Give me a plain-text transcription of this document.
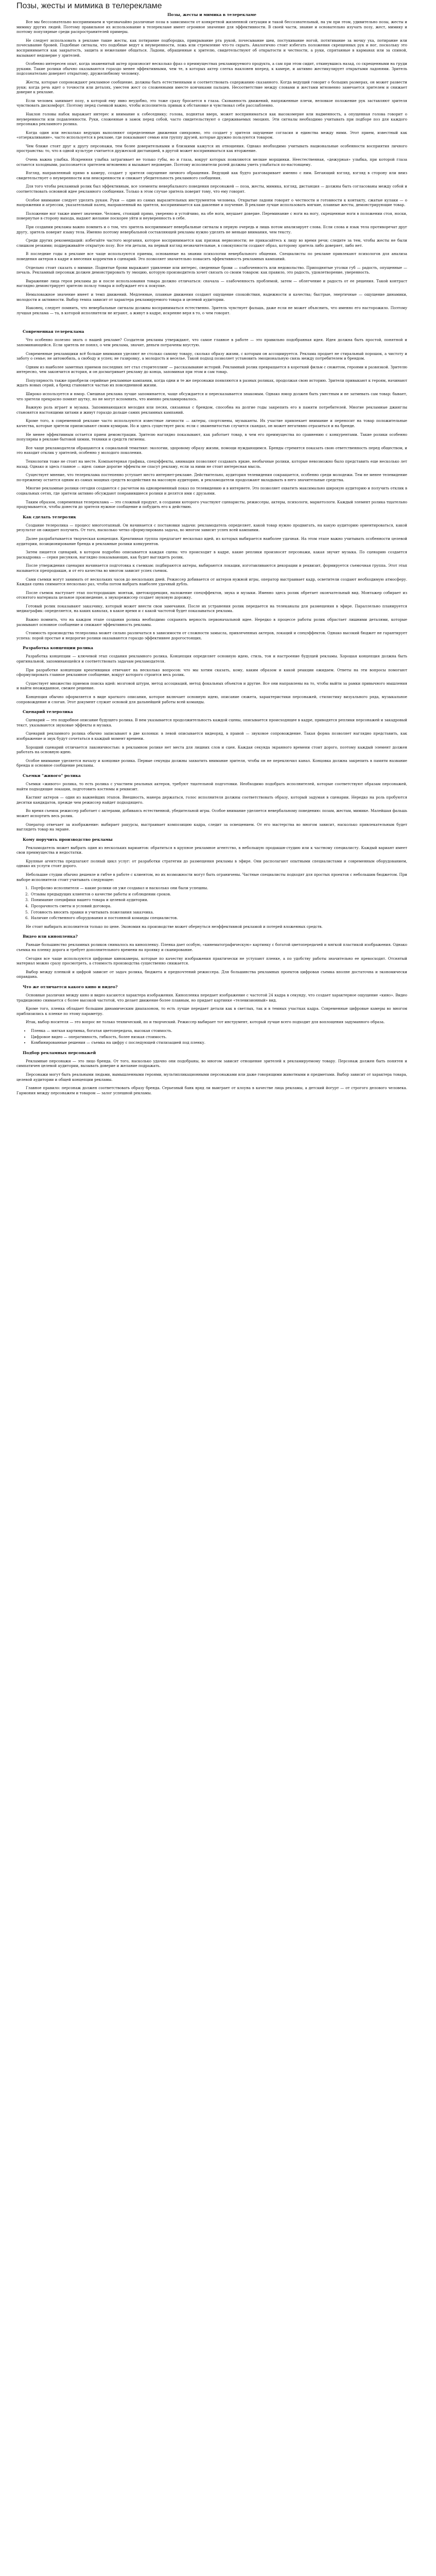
Позы, жесты и мимика в телерекламе
Позы, жесты и мимика в телерекламе

Все мы бессознательно воспринимаем и чрезвычайно различные позы в зависимости от конкретной жизненной ситуации и такой бессознательный, на ум при этом, удивительно позы, жесты и мимику других людей. Поэтому правильное их использование в телерекламе имеет огромное значение для эффективности. В своей части, знание и основательно изучать позу, жест, мимику и поэтому популярные среди распространителей примеры.

Не следует использовать в рекламе такие жесты, как потирание подбородка, прикрывание рта рукой, почесывание шеи, постукивание ногой, потягивание за мочку уха, потирание или почесывание бровей. Подобные сигналы, что подобные ведут к неуверенности, ложь или стремление что-то скрыть. Аналогично стоит избегать положения скрещенных рук и ног, поскольку это воспринимается как закрытость, защита и нежелание общаться. Ладони, обращенные к зрителю, свидетельствуют об открытости и честности, а руки, спрятанные в карманах или за спиной, вызывают недоверие у зрителей.

Особенно интересен опыт, когда знаменитый актер произносит несколько фраз о преимуществах рекламируемого продукта, а сам при этом сидит, откинувшись назад, со скрещенными на груди руками. Такие ролики обычно оказываются гораздо менее эффективными, чем те, в которых актер слегка наклонен вперед, к камере, и активно жестикулирует открытыми ладонями. Зритель подсознательно доверяет открытому, дружелюбному человеку.

Жесты, которые сопровождают рекламное сообщение, должны быть естественными и соответствовать содержанию сказанного. Когда ведущий говорит о больших размерах, он может развести руки; когда речь идет о точности или деталях, уместен жест со сложенными вместе кончиками пальцев. Несоответствие между словами и жестами мгновенно замечается зрителем и снижает доверие к рекламе.

Если человек занимает позу, в которой ему явно неудобно, это тоже сразу бросается в глаза. Скованность движений, напряженные плечи, неловкое положение рук заставляют зрителя чувствовать дискомфорт. Поэтому перед съемкой важно, чтобы исполнитель привык к обстановке и чувствовал себя расслабленно.

Наклон головы набок выражает интерес и внимание к собеседнику; голова, поднятая вверх, может восприниматься как высокомерие или надменность, а опущенная голова говорит о неуверенности или подавленности. Руки, сложенные в замок перед собой, часто свидетельствуют о сдерживаемых эмоциях. Эти сигналы необходимо учитывать при подборе поз для каждого персонажа рекламного ролика.

Когда один или несколько ведущих выполняют определенные движения синхронно, это создает у зрителя ощущение согласия и единства между ними. Этот прием, известный как «отзеркаливание», часто используется в рекламе, где показывают семью или группу друзей, которые дружно пользуются товаром.

Чем ближе стоят друг к другу персонажи, тем более доверительными и близкими кажутся их отношения. Однако необходимо учитывать национальные особенности восприятия личного пространства: то, что в одной культуре считается дружеской дистанцией, в другой может восприниматься как вторжение.

Очень важна улыбка. Искренняя улыбка затрагивает не только губы, но и глаза, вокруг которых появляются мелкие морщинки. Неестественная, «дежурная» улыбка, при которой глаза остаются холодными, распознается зрителем мгновенно и вызывает недоверие. Поэтому исполнители ролей должны уметь улыбаться по-настоящему.

Взгляд, направленный прямо в камеру, создает у зрителя ощущение личного обращения. Ведущий как будто разговаривает именно с ним. Бегающий взгляд, взгляд в сторону или вниз свидетельствует о неуверенности или неискренности и снижает убедительность рекламного сообщения.

Для того чтобы рекламный ролик был эффективным, все элементы невербального поведения персонажей — поза, жесты, мимика, взгляд, дистанция — должны быть согласованы между собой и соответствовать основной идее рекламного сообщения. Только в этом случае зритель поверит тому, что ему говорят.

Особое внимание следует уделять рукам. Руки — один из самых выразительных инструментов человека. Открытые ладони говорят о честности и готовности к контакту, сжатые кулаки — о напряжении и агрессии, указательный палец, направленный на зрителя, воспринимается как давление и поучение. В рекламе лучше использовать мягкие, плавные жесты, демонстрирующие товар.

Положение ног также имеет значение. Человек, стоящий прямо, уверенно и устойчиво, на обе ноги, внушает доверие. Переминание с ноги на ногу, скрещенные ноги в положении стоя, носки, повернутые в сторону выхода, выдают желание поскорее уйти и неуверенность в себе.

При создании рекламы важно помнить и о том, что зритель воспринимает невербальные сигналы в первую очередь и лишь потом анализирует слова. Если слова и язык тела противоречат друг другу, зритель поверит языку тела. Именно поэтому невербальной составляющей рекламы нужно уделять не меньше внимания, чем тексту.

Среди других рекомендаций: избегайте частого моргания, которое воспринимается как признак нервозности; не прикасайтесь к лицу во время речи; следите за тем, чтобы жесты не были слишком резкими; поддерживайте открытую позу. Все эти детали, на первый взгляд незначительные, в совокупности создают образ, которому зритель либо доверяет, либо нет.

В последние годы в рекламе все чаще используются приемы, основанные на знании психологии невербального общения. Специалисты по рекламе привлекают психологов для анализа поведения актеров в кадре и внесения корректив в сценарий. Это позволяет значительно повысить эффективность рекламных кампаний.

Отдельно стоит сказать о мимике. Поднятые брови выражают удивление или интерес, сведенные брови — озабоченность или недовольство. Приподнятые уголки губ — радость, опущенные — печаль. Рекламный персонаж должен демонстрировать ту эмоцию, которую производитель хочет связать со своим товаром: как правило, это радость, удовлетворение, уверенность.

Выражение лица героя рекламы до и после использования товара должно отличаться: сначала — озабоченность проблемой, затем — облегчение и радость от ее решения. Такой контраст наглядно демонстрирует зрителю пользу товара и побуждает его к покупке.

Немаловажное значение имеет и темп движений. Медленные, плавные движения создают ощущение спокойствия, надежности и качества; быстрые, энергичные — ощущение динамики, молодости и активности. Выбор темпа зависит от характера рекламируемого товара и целевой аудитории.

Наконец, следует помнить, что невербальные сигналы должны восприниматься естественно. Зритель чувствует фальшь, даже если не может объяснить, что именно его насторожило. Поэтому лучшая реклама — та, в которой исполнители не играют, а живут в кадре, искренне веря в то, о чем говорят.

Современная телереклама

Что особенно полезно знать о нашей рекламе? Создатели рекламы утверждают, что самое главное в работе — это правильно подобранная идея. Идея должна быть простой, понятной и запоминающейся. Если зритель не понял, о чем реклама, значит, деньги потрачены впустую.

Современные рекламщики всё больше внимания уделяют не столько самому товару, сколько образу жизни, с которым он ассоциируется. Реклама продает не стиральный порошок, а чистоту и заботу о семье; не автомобиль, а свободу и успех; не газировку, а молодость и веселье. Такой подход позволяет установить эмоциональную связь между потребителем и брендом.

Одним из наиболее заметных приемов последних лет стал сторителлинг — рассказывание историй. Рекламный ролик превращается в короткий фильм с сюжетом, героями и развязкой. Зрителю интересно, чем закончится история, и он досматривает рекламу до конца, запоминая при этом и сам товар.

Популярность также приобрели серийные рекламные кампании, когда одни и те же персонажи появляются в разных роликах, продолжая свою историю. Зрители привыкают к героям, начинают ждать новых серий, а бренд становится частью их повседневной жизни.

Широко используется и юмор. Смешная реклама лучше запоминается, чаще обсуждается и пересказывается знакомым. Однако юмор должен быть уместным и не затмевать сам товар: бывает, что зрители прекрасно помнят шутку, но не могут вспомнить, что именно рекламировалось.

Важную роль играет и музыка. Запоминающаяся мелодия или песня, связанная с брендом, способна на долгие годы закрепить его в памяти потребителей. Многие рекламные джинглы становятся настоящими хитами и живут гораздо дольше самих рекламных кампаний.

Кроме того, в современной рекламе часто используются известные личности — актеры, спортсмены, музыканты. Их участие привлекает внимание и переносит на товар положительные качества, которые зрители приписывают своим кумирам. Но и здесь существует риск: если с знаменитостью случится скандал, он может негативно отразиться и на бренде.

Не менее эффективным остается прием демонстрации. Зрителю наглядно показывают, как работает товар, в чем его преимущества по сравнению с конкурентами. Такие ролики особенно популярны в рекламе бытовой химии, техники и средств гигиены.

Все чаще рекламодатели обращаются к социальной тематике: экологии, здоровому образу жизни, помощи нуждающимся. Бренды стремятся показать свою ответственность перед обществом, и это находит отклик у зрителей, особенно у молодого поколения.

Технологии тоже не стоят на месте. Компьютерная графика, спецэффекты, анимация позволяют создавать яркие, необычные ролики, которые невозможно было представить еще несколько лет назад. Однако и здесь главное — идея: самые дорогие эффекты не спасут рекламу, если за ними не стоит интересная мысль.

Существует мнение, что телереклама постепенно уступает место интернет-рекламе. Действительно, аудитория телевидения сокращается, особенно среди молодежи. Тем не менее телевидение по-прежнему остается одним из самых мощных средств воздействия на массовую аудиторию, и рекламодатели продолжают вкладывать в него значительные средства.

Многие рекламные ролики сегодня создаются с расчетом на одновременный показ по телевидению и в интернете. Это позволяет охватить максимально широкую аудиторию и получить отклик в социальных сетях, где зрители активно обсуждают понравившиеся ролики и делятся ими с друзьями.

Таким образом, современная телереклама — это сложный продукт, в создании которого участвуют сценаристы, режиссеры, актеры, психологи, маркетологи. Каждый элемент ролика тщательно продумывается, чтобы донести до зрителя нужное сообщение и побудить его к действию.

Как сделать телеролик

Создание телеролика — процесс многоэтапный. Он начинается с постановки задачи: рекламодатель определяет, какой товар нужно продвигать, на какую аудиторию ориентироваться, какой результат он ожидает получить. От того, насколько четко сформулирована задача, во многом зависит успех всей кампании.

Далее разрабатывается творческая концепция. Креативная группа предлагает несколько идей, из которых выбирается наиболее удачная. На этом этапе важно учитывать особенности целевой аудитории, позиционирование бренда и рекламные ролики конкурентов.

Затем пишется сценарий, в котором подробно описывается каждая сцена: что происходит в кадре, какие реплики произносят персонажи, какая звучит музыка. По сценарию создается раскадровка — серия рисунков, наглядно показывающих, как будет выглядеть ролик.

После утверждения сценария начинается подготовка к съемкам: подбираются актеры, выбираются локации, изготавливаются декорации и реквизит, формируется съемочная группа. Этот этап называется препродакшн, и от его качества во многом зависит успех съемок.

Сами съемки могут занимать от нескольких часов до нескольких дней. Режиссер добивается от актеров нужной игры, оператор выстраивает кадр, осветители создают необходимую атмосферу. Каждая сцена снимается несколько раз, чтобы потом выбрать наиболее удачный дубль.

После съемок наступает этап постпродакшн: монтаж, цветокоррекция, наложение спецэффектов, звука и музыки. Именно здесь ролик обретает окончательный вид. Монтажер собирает из отснятого материала цельное произведение, а звукорежиссер создает звуковую дорожку.

Готовый ролик показывают заказчику, который может внести свои замечания. После их устранения ролик передается на телеканалы для размещения в эфире. Параллельно планируется медиаграфик: определяется, на каких каналах, в какое время и с какой частотой будет показываться реклама.

Важно помнить, что на каждом этапе создания ролика необходимо сохранять верность первоначальной идее. Нередко в процессе работы ролик обрастает лишними деталями, которые размывают основное сообщение и снижают эффективность рекламы.

Стоимость производства телеролика может сильно различаться в зависимости от сложности замысла, привлеченных актеров, локаций и спецэффектов. Однако высокий бюджет не гарантирует успеха: порой простые и недорогие ролики оказываются гораздо эффективнее дорогостоящих.

Разработка концепции ролика

Разработка концепции — ключевой этап создания рекламного ролика. Концепция определяет основную идею, стиль, тон и настроение будущей рекламы. Хорошая концепция должна быть оригинальной, запоминающейся и соответствовать задачам рекламодателя.

При разработке концепции креативщики отвечают на несколько вопросов: что мы хотим сказать, кому, каким образом и какой реакции ожидаем. Ответы на эти вопросы помогают сформулировать главное рекламное сообщение, вокруг которого строится весь ролик.

Существует множество приемов поиска идей: мозговой штурм, метод ассоциаций, метод фокальных объектов и другие. Все они направлены на то, чтобы выйти за рамки привычного мышления и найти неожиданное, свежее решение.

Концепция обычно оформляется в виде краткого описания, которое включает основную идею, описание сюжета, характеристики персонажей, стилистику визуального ряда, музыкальное сопровождение и слоган. Этот документ служит основой для дальнейшей работы всей команды.

Сценарий телеролика

Сценарий — это подробное описание будущего ролика. В нем указывается продолжительность каждой сцены, описывается происходящее в кадре, приводятся реплики персонажей и закадровый текст, указываются звуковые эффекты и музыка.

Сценарий рекламного ролика обычно записывают в две колонки: в левой описывается видеоряд, в правой — звуковое сопровождение. Такая форма позволяет наглядно представить, как изображение и звук будут сочетаться в каждый момент времени.

Хороший сценарий отличается лаконичностью: в рекламном ролике нет места для лишних слов и сцен. Каждая секунда экранного времени стоит дорого, поэтому каждый элемент должен работать на основную идею.

Особое внимание уделяется началу и концовке ролика. Первые секунды должны захватить внимание зрителя, чтобы он не переключил канал. Концовка должна закрепить в памяти название бренда и основное сообщение рекламы.

Съемки "живого" ролика

Съемки «живого» ролика, то есть ролика с участием реальных актеров, требуют тщательной подготовки. Необходимо подобрать исполнителей, которые соответствуют образам персонажей, найти подходящие локации, подготовить костюмы и реквизит.

Кастинг актеров — один из важнейших этапов. Внешность, манера держаться, голос исполнителя должны соответствовать образу, который задуман в сценарии. Нередко на роль пробуются десятки кандидатов, прежде чем режиссер найдет подходящего.

Во время съемок режиссер работает с актерами, добиваясь естественной, убедительной игры. Особое внимание уделяется невербальному поведению: позам, жестам, мимике. Малейшая фальшь может испортить весь ролик.

Оператор отвечает за изображение: выбирает ракурсы, выстраивает композицию кадра, следит за освещением. От его мастерства во многом зависит, насколько привлекательным будет выглядеть товар на экране.

Кому поручить производство рекламы

Рекламодатель может выбрать один из нескольких вариантов: обратиться в крупное рекламное агентство, в небольшую продакшн-студию или к частному специалисту. Каждый вариант имеет свои преимущества и недостатки.

Крупные агентства предлагают полный цикл услуг: от разработки стратегии до размещения рекламы в эфире. Они располагают опытными специалистами и современным оборудованием, однако их услуги стоят дорого.

Небольшие студии обычно дешевле и гибче в работе с клиентом, но их возможности могут быть ограничены. Частные специалисты подходят для простых проектов с небольшим бюджетом. При выборе исполнителя стоит учитывать следующее:

1. Портфолио исполнителя — какие ролики он уже создавал и насколько они были успешны.
2. Отзывы предыдущих клиентов о качестве работы и соблюдении сроков.
3. Понимание специфики вашего товара и целевой аудитории.
4. Прозрачность сметы и условий договора.
5. Готовность вносить правки и учитывать пожелания заказчика.
6. Наличие собственного оборудования и постоянной команды специалистов.

Не стоит выбирать исполнителя только по цене. Экономия на производстве может обернуться неэффективной рекламой и потерей вложенных средств.

Видео или кинопленка?

Раньше большинство рекламных роликов снималось на кинопленку. Пленка дает особую, «кинематографическую» картинку с богатой цветопередачей и мягкой пластикой изображения. Однако съемка на пленку дорога и требует дополнительного времени на проявку и сканирование.

Сегодня все чаще используются цифровые кинокамеры, которые по качеству изображения практически не уступают пленке, а по удобству работы значительно ее превосходят. Отснятый материал можно сразу просмотреть, а стоимость производства существенно снижается.

Выбор между пленкой и цифрой зависит от задач ролика, бюджета и предпочтений режиссера. Для большинства рекламных проектов цифровая съемка вполне достаточна и экономически оправдана.

Что же отличается какого кино и видео?

Основные различия между кино и видео касаются характера изображения. Кинопленка передает изображение с частотой 24 кадра в секунду, что создает характерное ощущение «кино». Видео традиционно снимается с более высокой частотой, что делает движение более плавным, но придает картинке «телевизионный» вид.

Кроме того, пленка обладает большим динамическим диапазоном, то есть лучше передает детали как в светлых, так и в темных участках кадра. Современные цифровые камеры во многом приблизились к пленке по этому параметру.

Итак, выбор носителя — это вопрос не только технический, но и творческий. Режиссер выбирает тот инструмент, который лучше всего подходит для воплощения задуманного образа.

• Пленка — мягкая картинка, богатая цветопередача, высокая стоимость.
• Цифровое видео — оперативность, гибкость, более низкая стоимость.
• Комбинированные решения — съемка на цифру с последующей стилизацией под пленку.
Подбор рекламных персонажей

Рекламные персонажи — это лицо бренда. От того, насколько удачно они подобраны, во многом зависит отношение зрителей к рекламируемому товару. Персонаж должен быть понятен и симпатичен целевой аудитории, вызывать доверие и желание подражать.

Персонажи могут быть реальными людьми, вымышленными героями, мультипликационными персонажами или даже говорящими животными и предметами. Выбор зависит от характера товара, целевой аудитории и общей концепции рекламы.

Главное правило: персонаж должен соответствовать образу бренда. Серьезный банк вряд ли выиграет от клоуна в качестве лица рекламы, а детский йогурт — от строгого делового человека. Гармония между персонажем и товаром — залог успешной рекламы.
